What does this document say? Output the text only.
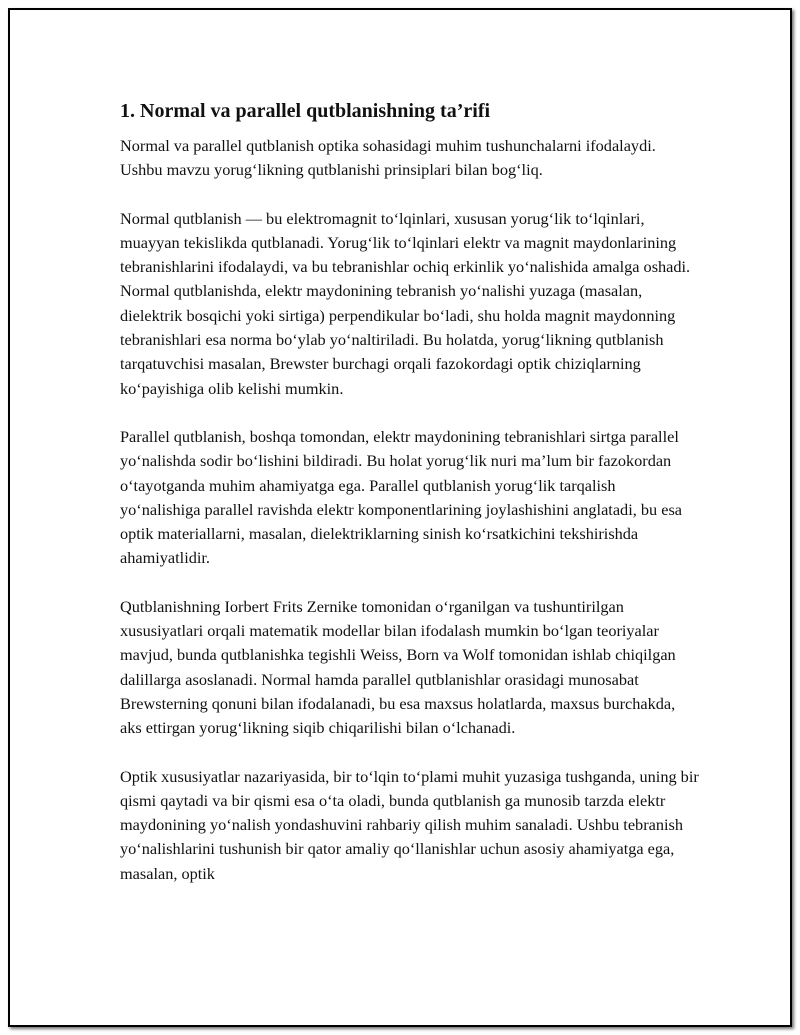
1. Normal va parallel qutblanishning ta’rifi

Normal va parallel qutblanish optika sohasidagi muhim tushunchalarni ifodalaydi. Ushbu mavzu yorug‘likning qutblanishi prinsiplari bilan bog‘liq.

Normal qutblanish — bu elektromagnit to‘lqinlari, xususan yorug‘lik to‘lqinlari, muayyan tekislikda qutblanadi. Yorug‘lik to‘lqinlari elektr va magnit maydonlarining tebranishlarini ifodalaydi, va bu tebranishlar ochiq erkinlik yo‘nalishida amalga oshadi. Normal qutblanishda, elektr maydonining tebranish yo‘nalishi yuzaga (masalan, dielektrik bosqichi yoki sirtiga) perpendikular bo‘ladi, shu holda magnit maydonning tebranishlari esa norma bo‘ylab yo‘naltiriladi. Bu holatda, yorug‘likning qutblanish tarqatuvchisi masalan, Brewster burchagi orqali fazokordagi optik chiziqlarning ko‘payishiga olib kelishi mumkin.

Parallel qutblanish, boshqa tomondan, elektr maydonining tebranishlari sirtga parallel yo‘nalishda sodir bo‘lishini bildiradi. Bu holat yorug‘lik nuri ma’lum bir fazokordan o‘tayotganda muhim ahamiyatga ega. Parallel qutblanish yorug‘lik tarqalish yo‘nalishiga parallel ravishda elektr komponentlarining joylashishini anglatadi, bu esa optik materiallarni, masalan, dielektriklarning sinish ko‘rsatkichini tekshirishda ahamiyatlidir.

Qutblanishning Iorbert Frits Zernike tomonidan o‘rganilgan va tushuntirilgan xususiyatlari orqali matematik modellar bilan ifodalash mumkin bo‘lgan teoriyalar mavjud, bunda qutblanishka tegishli Weiss, Born va Wolf tomonidan ishlab chiqilgan dalillarga asoslanadi. Normal hamda parallel qutblanishlar orasidagi munosabat Brewsterning qonuni bilan ifodalanadi, bu esa maxsus holatlarda, maxsus burchakda, aks ettirgan yorug‘likning siqib chiqarilishi bilan o‘lchanadi.

Optik xususiyatlar nazariyasida, bir to‘lqin to‘plami muhit yuzasiga tushganda, uning bir qismi qaytadi va bir qismi esa o‘ta oladi, bunda qutblanish ga munosib tarzda elektr maydonining yo‘nalish yondashuvini rahbariy qilish muhim sanaladi. Ushbu tebranish yo‘nalishlarini tushunish bir qator amaliy qo‘llanishlar uchun asosiy ahamiyatga ega, masalan, optik
